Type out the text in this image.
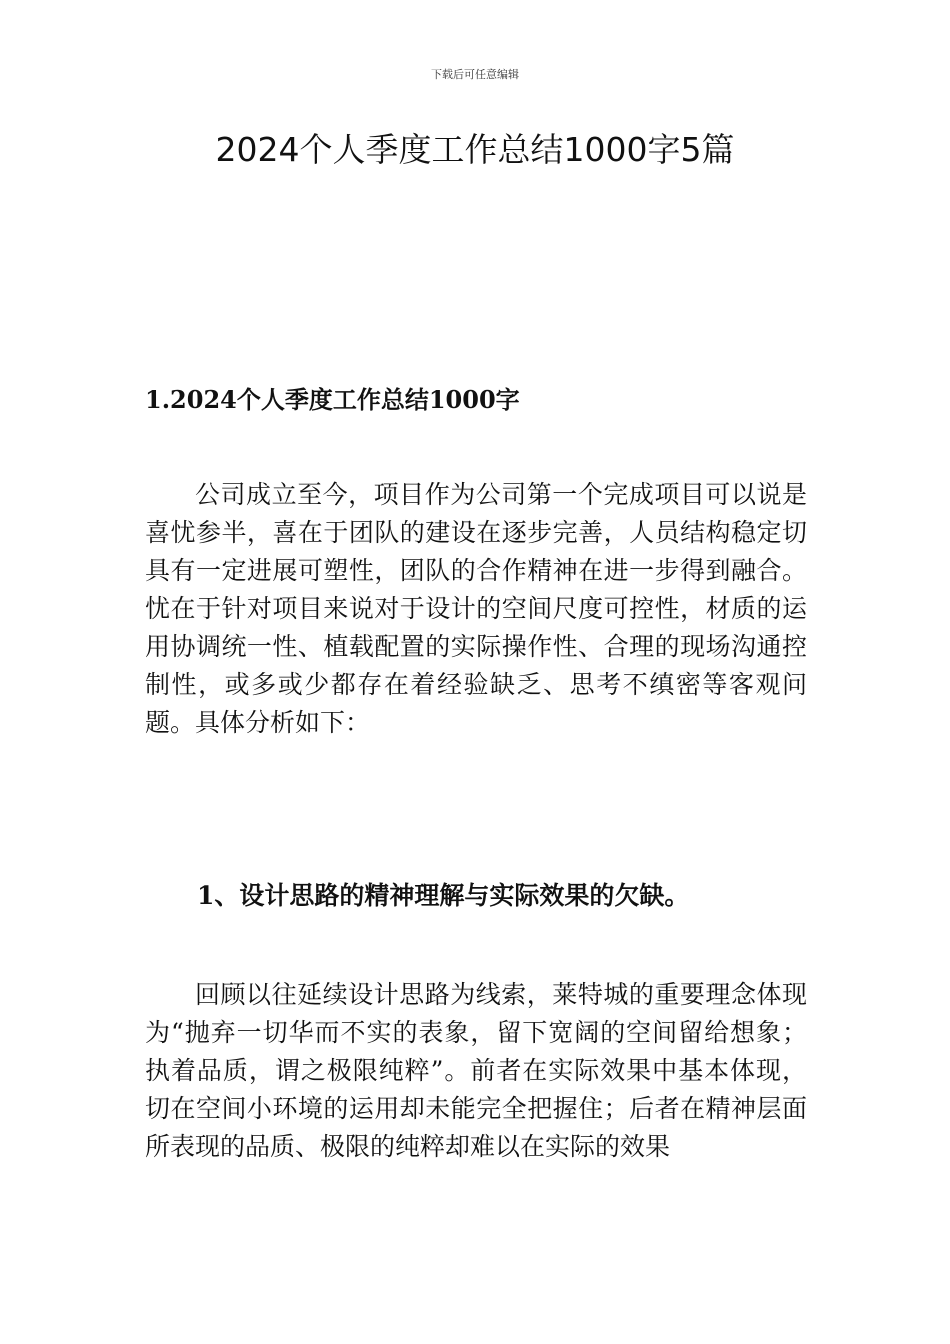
下载后可任意编辑
2024个人季度工作总结1000字5篇
1.2024个人季度工作总结1000字

公司成立至今，项目作为公司第一个完成项目可以说是喜忧参半，喜在于团队的建设在逐步完善，人员结构稳定切具有一定进展可塑性，团队的合作精神在进一步得到融合。忧在于针对项目来说对于设计的空间尺度可控性，材质的运用协调统一性、植载配置的实际操作性、合理的现场沟通控制性，或多或少都存在着经验缺乏、思考不缜密等客观问题。具体分析如下：

1、设计思路的精神理解与实际效果的欠缺。

回顾以往延续设计思路为线索，莱特城的重要理念体现为“抛弃一切华而不实的表象，留下宽阔的空间留给想象；执着品质，谓之极限纯粹”。前者在实际效果中基本体现，切在空间小环境的运用却未能完全把握住；后者在精神层面所表现的品质、极限的纯粹却难以在实际的效果
